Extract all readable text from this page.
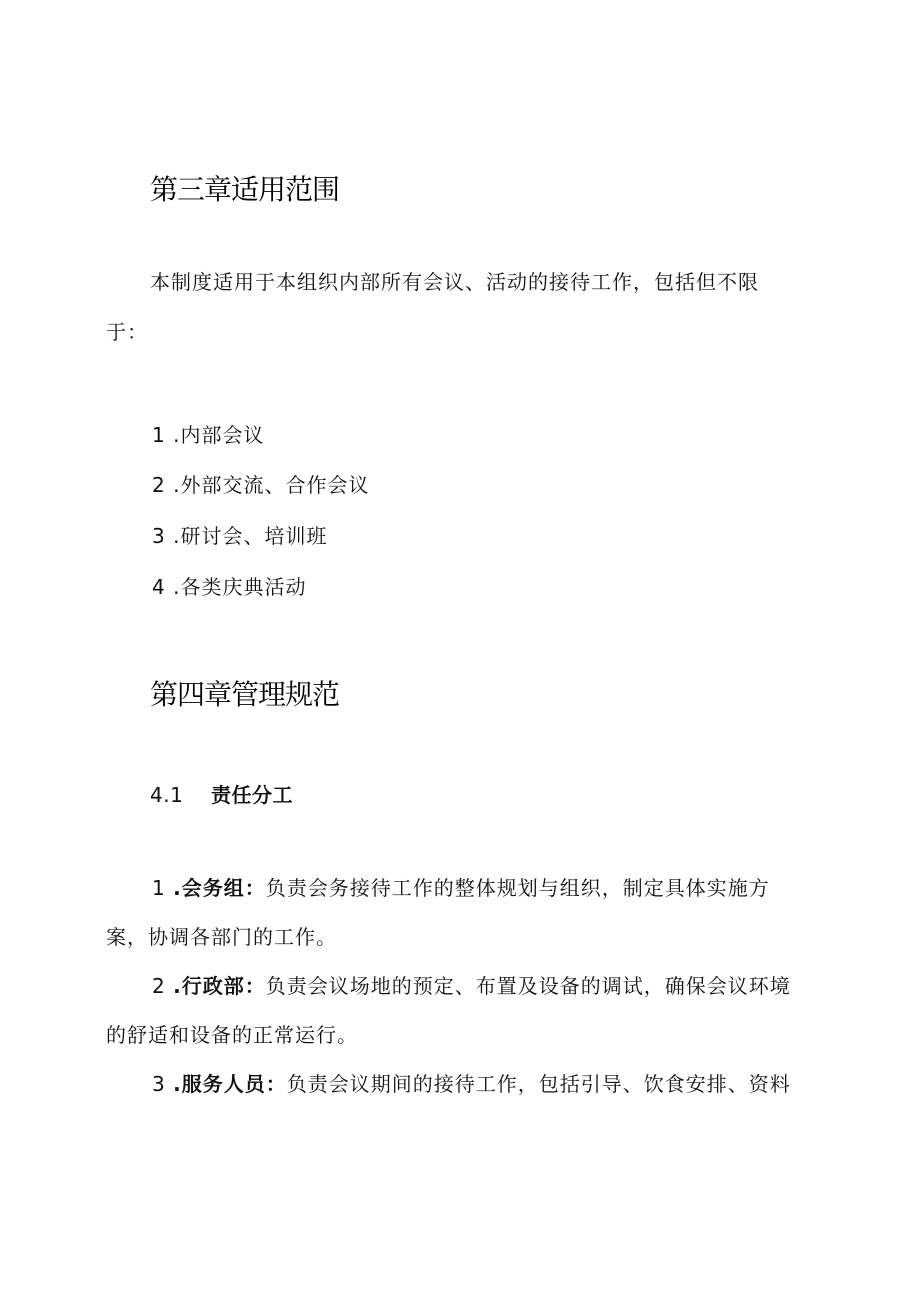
第三章适用范围
本制度适用于本组织内部所有会议、活动的接待工作，包括但不限
于：
1 .内部会议
2 .外部交流、合作会议
3 .研讨会、培训班
4 .各类庆典活动
第四章管理规范
4.1 责任分工
1 .会务组：负责会务接待工作的整体规划与组织，制定具体实施方
案，协调各部门的工作。
2 .行政部：负责会议场地的预定、布置及设备的调试，确保会议环境
的舒适和设备的正常运行。
3 .服务人员：负责会议期间的接待工作，包括引导、饮食安排、资料
